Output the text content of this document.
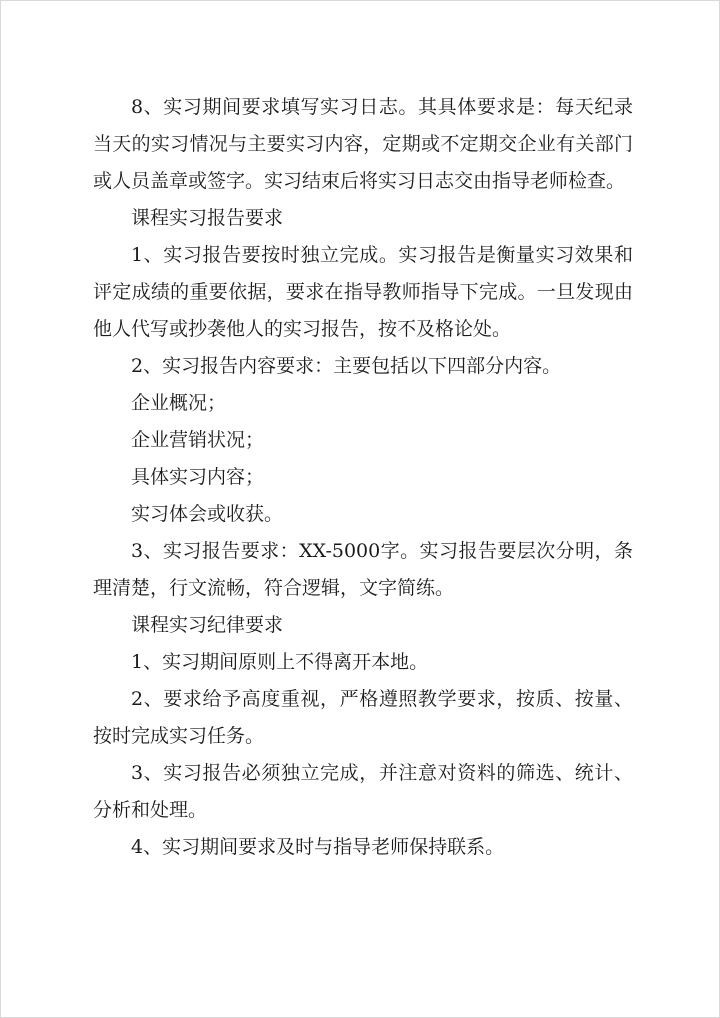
8、实习期间要求填写实习日志。其具体要求是：每天纪录当天的实习情况与主要实习内容，定期或不定期交企业有关部门或人员盖章或签字。实习结束后将实习日志交由指导老师检查。

课程实习报告要求

1、实习报告要按时独立完成。实习报告是衡量实习效果和评定成绩的重要依据，要求在指导教师指导下完成。一旦发现由他人代写或抄袭他人的实习报告，按不及格论处。

2、实习报告内容要求：主要包括以下四部分内容。

企业概况；

企业营销状况；

具体实习内容；

实习体会或收获。

3、实习报告要求：XX-5000字。实习报告要层次分明，条理清楚，行文流畅，符合逻辑，文字简练。

课程实习纪律要求

1、实习期间原则上不得离开本地。

2、要求给予高度重视，严格遵照教学要求，按质、按量、按时完成实习任务。

3、实习报告必须独立完成，并注意对资料的筛选、统计、分析和处理。

4、实习期间要求及时与指导老师保持联系。
